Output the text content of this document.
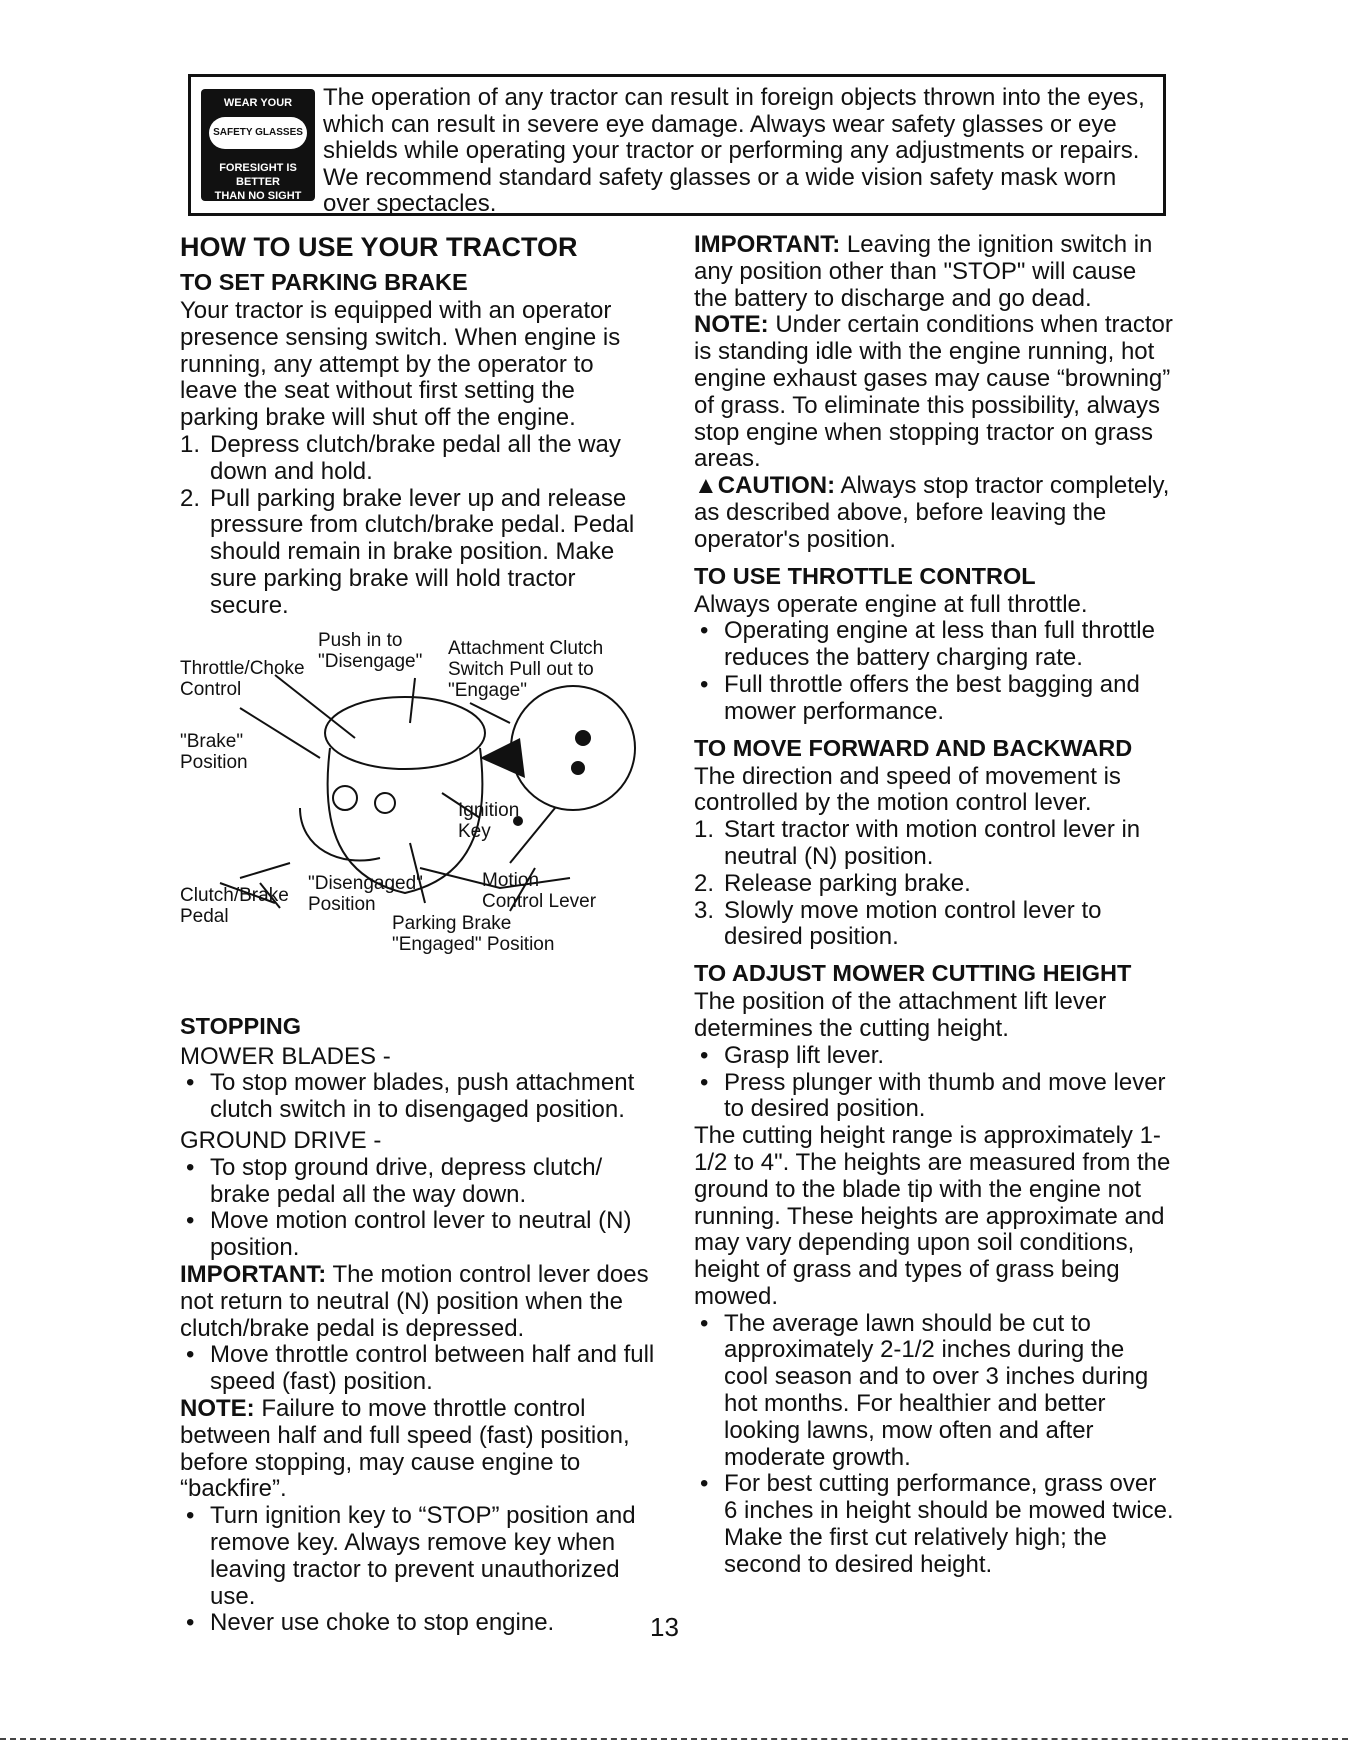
WEAR YOUR
SAFETY GLASSES
FORESIGHT IS BETTER
THAN NO SIGHT
The operation of any tractor can result in foreign objects thrown into the eyes, which can result in severe eye damage. Always wear safety glasses or eye shields while operating your tractor or performing any adjustments or repairs. We recommend standard safety glasses or a wide vision safety mask worn over spectacles.
HOW TO USE YOUR TRACTOR
TO SET PARKING BRAKE

Your tractor is equipped with an operator presence sensing switch. When engine is running, any attempt by the operator to leave the seat without first setting the parking brake will shut off the engine.

1. Depress clutch/brake pedal all the way down and hold.
2. Pull parking brake lever up and release pressure from clutch/brake pedal. Pedal should remain in brake position. Make sure parking brake will hold tractor secure.
Throttle/Choke
Control
Push in to
"Disengage"
Attachment Clutch
Switch Pull out to
"Engage"
"Brake"
Position
Ignition
Key
Motion
Control Lever
Clutch/Brake
Pedal
"Disengaged"
Position
Parking Brake
"Engaged" Position
STOPPING

MOWER BLADES -

• To stop mower blades, push attachment clutch switch in to disengaged position.

GROUND DRIVE -

• To stop ground drive, depress clutch/ brake pedal all the way down.
• Move motion control lever to neutral (N) position.

IMPORTANT: The motion control lever does not return to neutral (N) position when the clutch/brake pedal is depressed.

• Move throttle control between half and full speed (fast) position.

NOTE: Failure to move throttle control between half and full speed (fast) position, before stopping, may cause engine to “backfire”.

• Turn ignition key to “STOP” position and remove key. Always remove key when leaving tractor to prevent unauthorized use.
• Never use choke to stop engine.

IMPORTANT: Leaving the ignition switch in any position other than "STOP" will cause the battery to discharge and go dead.

NOTE: Under certain conditions when tractor is standing idle with the engine running, hot engine exhaust gases may cause “browning” of grass. To eliminate this possibility, always stop engine when stopping tractor on grass areas.

▲CAUTION: Always stop tractor completely, as described above, before leaving the operator's position.

TO USE THROTTLE CONTROL

Always operate engine at full throttle.

• Operating engine at less than full throttle reduces the battery charging rate.
• Full throttle offers the best bagging and mower performance.
TO MOVE FORWARD AND BACKWARD

The direction and speed of movement is controlled by the motion control lever.

1. Start tractor with motion control lever in neutral (N) position.
2. Release parking brake.
3. Slowly move motion control lever to desired position.
TO ADJUST MOWER CUTTING HEIGHT

The position of the attachment lift lever determines the cutting height.

• Grasp lift lever.
• Press plunger with thumb and move lever to desired position.

The cutting height range is approximately 1-1/2 to 4". The heights are measured from the ground to the blade tip with the engine not running. These heights are approximate and may vary depending upon soil conditions, height of grass and types of grass being mowed.

• The average lawn should be cut to approximately 2-1/2 inches during the cool season and to over 3 inches during hot months. For healthier and better looking lawns, mow often and after moderate growth.
• For best cutting performance, grass over 6 inches in height should be mowed twice. Make the first cut relatively high; the second to desired height.
13
